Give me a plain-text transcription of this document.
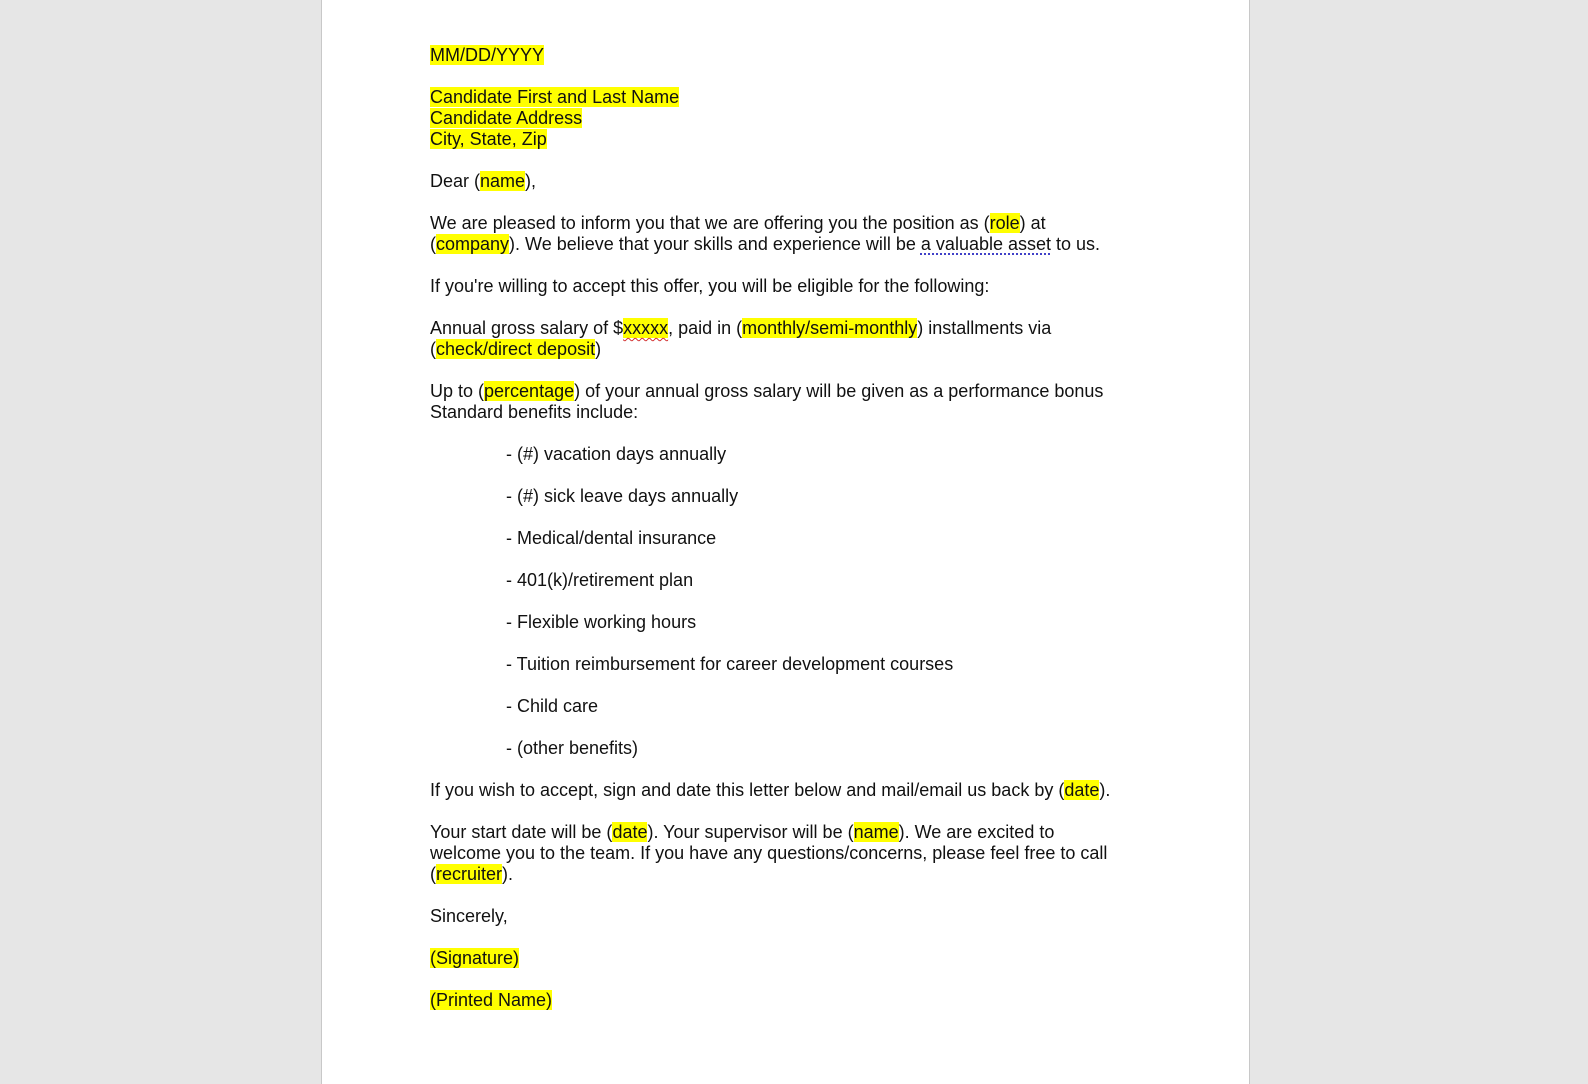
MM/DD/YYYY
Candidate First and Last Name
Candidate Address
City, State, Zip
Dear (name),
We are pleased to inform you that we are offering you the position as (role) at
(company). We believe that your skills and experience will be a valuable asset to us.
If you're willing to accept this offer, you will be eligible for the following:
Annual gross salary of $xxxxx, paid in (monthly/semi-monthly) installments via
(check/direct deposit)
Up to (percentage) of your annual gross salary will be given as a performance bonus
Standard benefits include:
- (#) vacation days annually
- (#) sick leave days annually
- Medical/dental insurance
- 401(k)/retirement plan
- Flexible working hours
- Tuition reimbursement for career development courses
- Child care
- (other benefits)
If you wish to accept, sign and date this letter below and mail/email us back by (date).
Your start date will be (date). Your supervisor will be (name). We are excited to
welcome you to the team. If you have any questions/concerns, please feel free to call
(recruiter).
Sincerely,
(Signature)
(Printed Name)
